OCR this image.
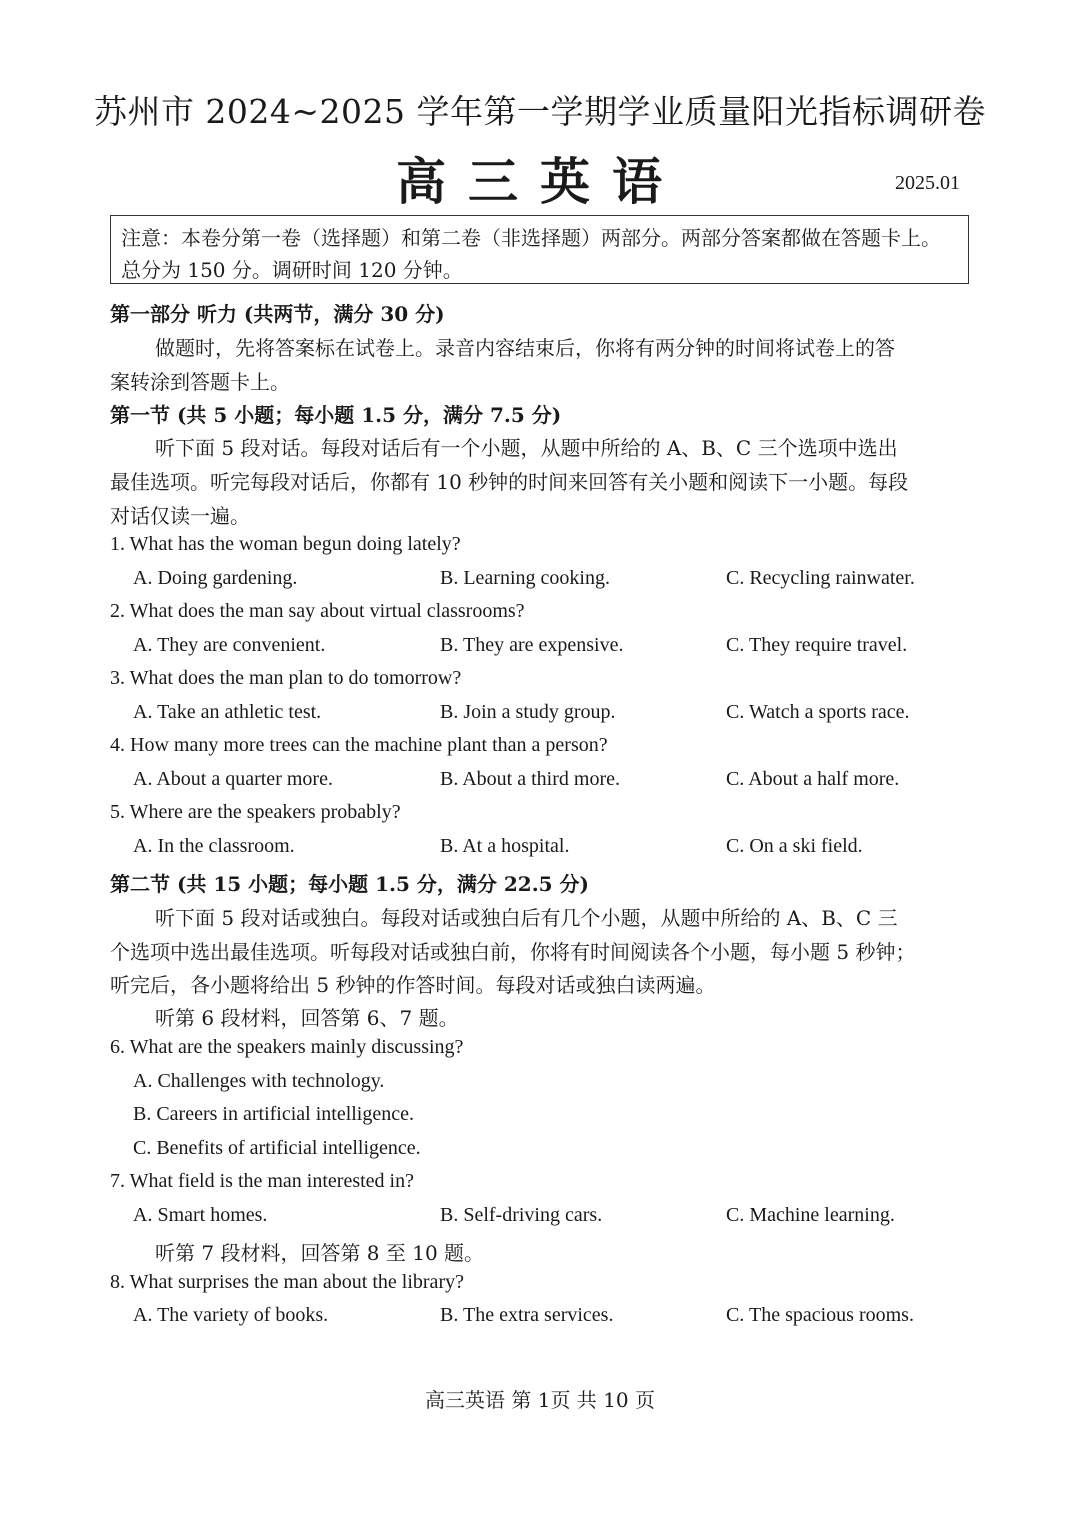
苏州市 2024~2025 学年第一学期学业质量阳光指标调研卷
高三英语	2025.01
注意：本卷分第一卷（选择题）和第二卷（非选择题）两部分。两部分答案都做在答题卡上。总分为 150 分。调研时间 120 分钟。
第一部分 听力 (共两节，满分 30 分)
做题时，先将答案标在试卷上。录音内容结束后，你将有两分钟的时间将试卷上的答
案转涂到答题卡上。
第一节 (共 5 小题；每小题 1.5 分，满分 7.5 分)
听下面 5 段对话。每段对话后有一个小题，从题中所给的 A、B、C 三个选项中选出
最佳选项。听完每段对话后，你都有 10 秒钟的时间来回答有关小题和阅读下一小题。每段
对话仅读一遍。
1. What has the woman begun doing lately?
A. Doing gardening.	B. Learning cooking.	C. Recycling rainwater.
2. What does the man say about virtual classrooms?
A. They are convenient.	B. They are expensive.	C. They require travel.
3. What does the man plan to do tomorrow?
A. Take an athletic test.	B. Join a study group.	C. Watch a sports race.
4. How many more trees can the machine plant than a person?
A. About a quarter more.	B. About a third more.	C. About a half more.
5. Where are the speakers probably?
A. In the classroom.	B. At a hospital.	C. On a ski field.
第二节 (共 15 小题；每小题 1.5 分，满分 22.5 分)
听下面 5 段对话或独白。每段对话或独白后有几个小题，从题中所给的 A、B、C 三
个选项中选出最佳选项。听每段对话或独白前，你将有时间阅读各个小题，每小题 5 秒钟；
听完后，各小题将给出 5 秒钟的作答时间。每段对话或独白读两遍。
听第 6 段材料，回答第 6、7 题。
6. What are the speakers mainly discussing?
A. Challenges with technology.
B. Careers in artificial intelligence.
C. Benefits of artificial intelligence.
7. What field is the man interested in?
A. Smart homes.	B. Self-driving cars.	C. Machine learning.
听第 7 段材料，回答第 8 至 10 题。
8. What surprises the man about the library?
A. The variety of books.	B. The extra services.	C. The spacious rooms.
高三英语 第 1页 共 10 页
